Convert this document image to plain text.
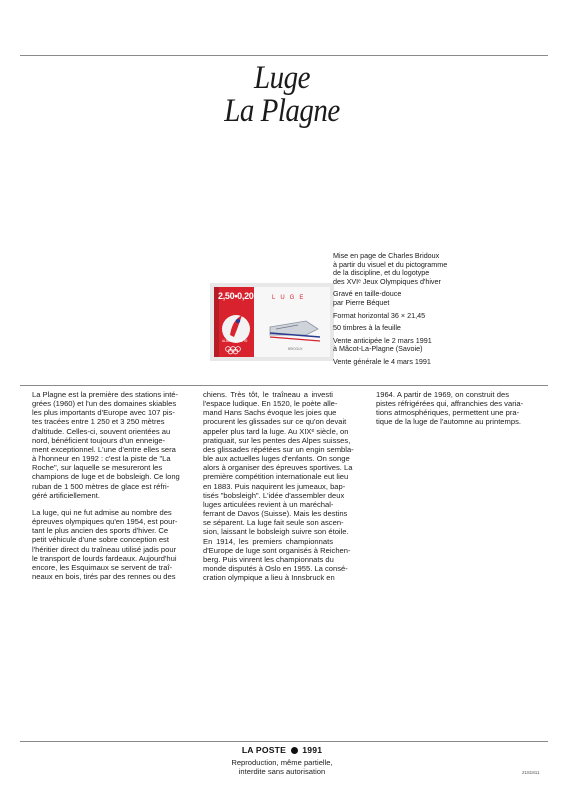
Luge
La Plagne
2,50•0,20	LUGE
ALBERTVILLE 92
RÉPUBLIQUE FRANÇAISE
BRIDOUX
Mise en page de Charles Bridoux
à partir du visuel et du pictogramme
de la discipline, et du logotype
des XVIᵉ Jeux Olympiques d'hiver
Gravé en taille-douce
par Pierre Béquet
Format horizontal 36 × 21,45
50 timbres à la feuille
Vente anticipée le 2 mars 1991
à Mâcot-La-Plagne (Savoie)
Vente générale le 4 mars 1991

La Plagne est la première des stations inté-
grées (1960) et l'un des domaines skiables
les plus importants d'Europe avec 107 pis-
tes tracées entre 1 250 et 3 250 mètres
d'altitude. Celles-ci, souvent orientées au
nord, bénéficient toujours d'un enneige-
ment exceptionnel. L'une d'entre elles sera
à l'honneur en 1992 : c'est la piste de "La
Roche", sur laquelle se mesureront les
champions de luge et de bobsleigh. Ce long
ruban de 1 500 mètres de glace est réfri-
géré artificiellement.

La luge, qui ne fut admise au nombre des
épreuves olympiques qu'en 1954, est pour-
tant le plus ancien des sports d'hiver. Ce
petit véhicule d'une sobre conception est
l'héritier direct du traîneau utilisé jadis pour
le transport de lourds fardeaux. Aujourd'hui
encore, les Esquimaux se servent de traî-
neaux en bois, tirés par des rennes ou des

chiens. Très tôt, le traîneau a investi
l'espace ludique. En 1520, le poète alle-
mand Hans Sachs évoque les joies que
procurent les glissades sur ce qu'on devait
appeler plus tard la luge. Au XIXᵉ siècle, on
pratiquait, sur les pentes des Alpes suisses,
des glissades répétées sur un engin sembla-
ble aux actuelles luges d'enfants. On songe
alors à organiser des épreuves sportives. La
première compétition internationale eut lieu
en 1883. Puis naquirent les jumeaux, bap-
tisés "bobsleigh". L'idée d'assembler deux
luges articulées revient à un maréchal-
ferrant de Davos (Suisse). Mais les destins
se séparent. La luge fait seule son ascen-
sion, laissant le bobsleigh suivre son étoile.
En 1914, les premiers championnats
d'Europe de luge sont organisés à Reichen-
berg. Puis vinrent les championnats du
monde disputés à Oslo en 1955. La consé-
cration olympique a lieu à Innsbruck en

1964. A partir de 1969, on construit des
pistes réfrigérées qui, affranchies des varia-
tions atmosphériques, permettent une pra-
tique de la luge de l'automne au printemps.

LA POSTE 1991
Reproduction, même partielle,
interdite sans autorisation	2181811
